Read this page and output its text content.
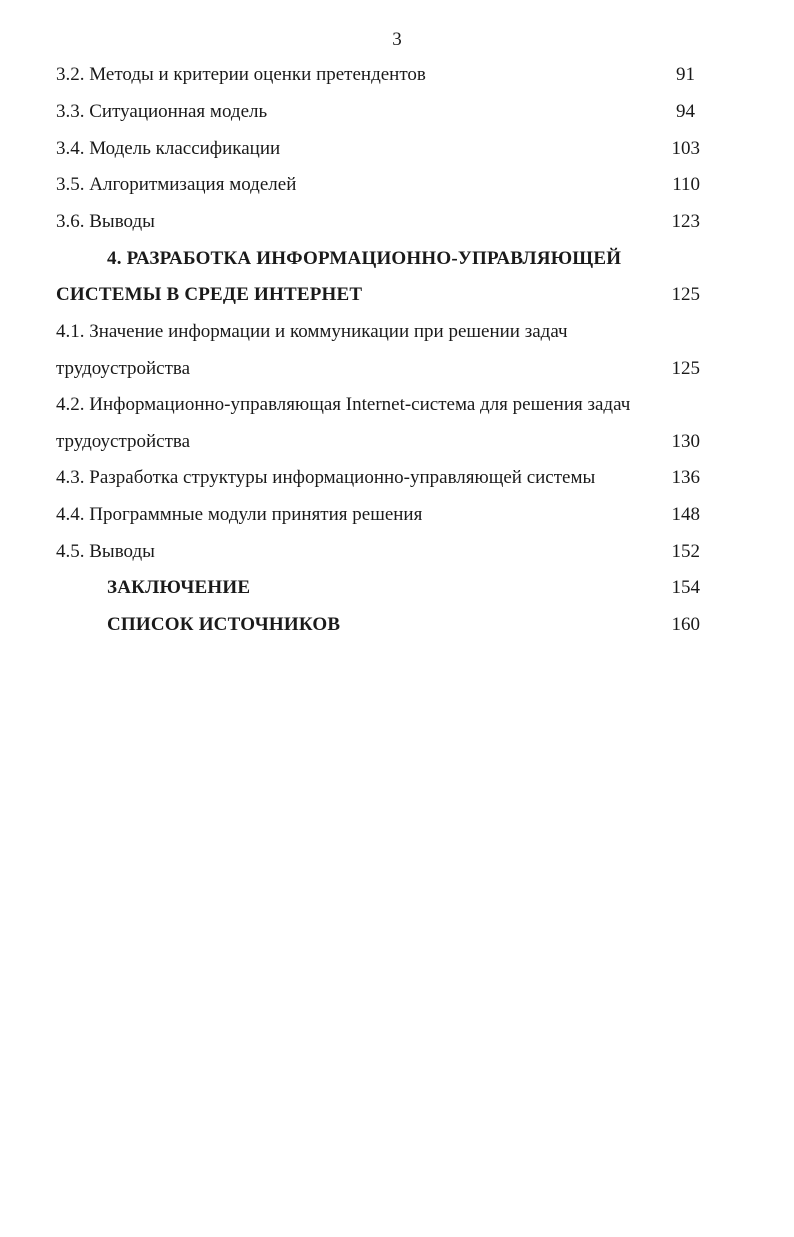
3
3.2. Методы и критерии оценки претендентов	91
3.3. Ситуационная модель	94
3.4. Модель классификации	103
3.5. Алгоритмизация моделей	110
3.6. Выводы	123
4. РАЗРАБОТКА ИНФОРМАЦИОННО-УПРАВЛЯЮЩЕЙ
СИСТЕМЫ В СРЕДЕ ИНТЕРНЕТ	125
4.1. Значение информации и коммуникации при решении задач
трудоустройства	125
4.2. Информационно-управляющая Internet-система для решения задач
трудоустройства	130
4.3. Разработка структуры информационно-управляющей системы	136
4.4. Программные модули принятия решения	148
4.5. Выводы	152
ЗАКЛЮЧЕНИЕ	154
СПИСОК ИСТОЧНИКОВ	160
